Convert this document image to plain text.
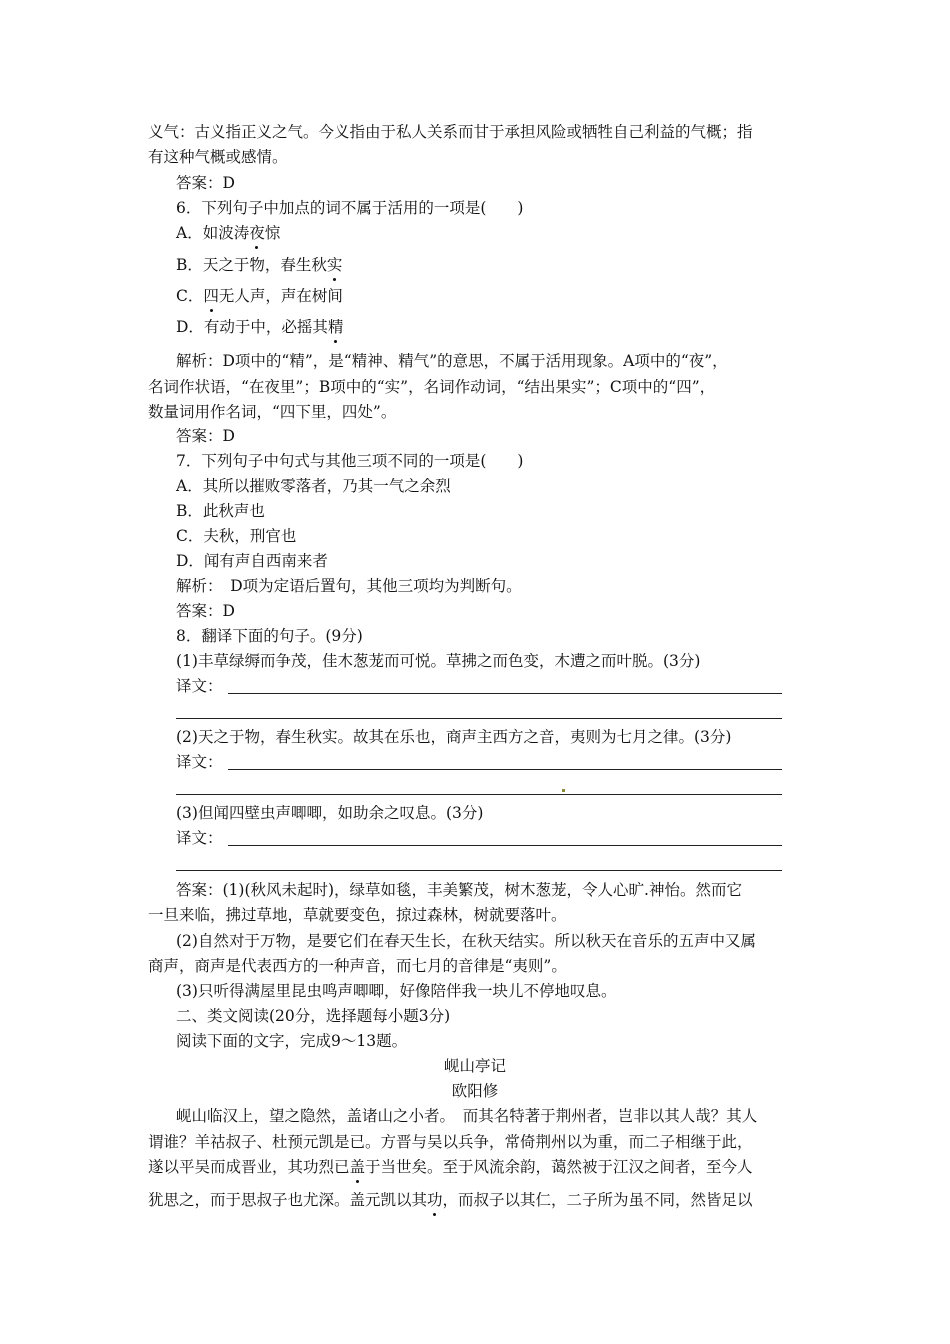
义气：古义指正义之气。今义指由于私人关系而甘于承担风险或牺牲自己利益的气概；指
有这种气概或感情。
答案：D
6．下列句子中加点的词不属于活用的一项是(　　)
A．如波涛夜惊
B．天之于物，春生秋实
C．四无人声，声在树间
D．有动于中，必摇其精
解析：D项中的“精”，是“精神、精气”的意思，不属于活用现象。A项中的“夜”，
名词作状语，“在夜里”；B项中的“实”，名词作动词，“结出果实”；C项中的“四”，
数量词用作名词，“四下里，四处”。
答案：D
7．下列句子中句式与其他三项不同的一项是(　　)
A．其所以摧败零落者，乃其一气之余烈
B．此秋声也
C．夫秋，刑官也
D．闻有声自西南来者
解析：　D项为定语后置句，其他三项均为判断句。
答案：D
8．翻译下面的句子。(9分)
(1)丰草绿缛而争茂，佳木葱茏而可悦。草拂之而色变，木遭之而叶脱。(3分)
译文：
(2)天之于物，春生秋实。故其在乐也，商声主西方之音，夷则为七月之律。(3分)
译文：
(3)但闻四壁虫声唧唧，如助余之叹息。(3分)
译文：
答案：(1)(秋风未起时)，绿草如毯，丰美繁茂，树木葱茏，令人心旷.神怡。然而它
一旦来临，拂过草地，草就要变色，掠过森林，树就要落叶。
(2)自然对于万物，是要它们在春天生长，在秋天结实。所以秋天在音乐的五声中又属
商声，商声是代表西方的一种声音，而七月的音律是“夷则”。
(3)只听得满屋里昆虫鸣声唧唧，好像陪伴我一块儿不停地叹息。
二、类文阅读(20分，选择题每小题3分)
阅读下面的文字，完成9～13题。
岘山亭记
欧阳修
岘山临汉上，望之隐然，盖诸山之小者。　而其名特著于荆州者，岂非以其人哉？其人
谓谁？羊祜叔子、杜预元凯是已。方晋与吴以兵争，常倚荆州以为重，而二子相继于此，
遂以平吴而成晋业，其功烈已盖于当世矣。至于风流余韵，蔼然被于江汉之间者，至今人
犹思之，而于思叔子也尤深。盖元凯以其功，而叔子以其仁，二子所为虽不同，然皆足以
